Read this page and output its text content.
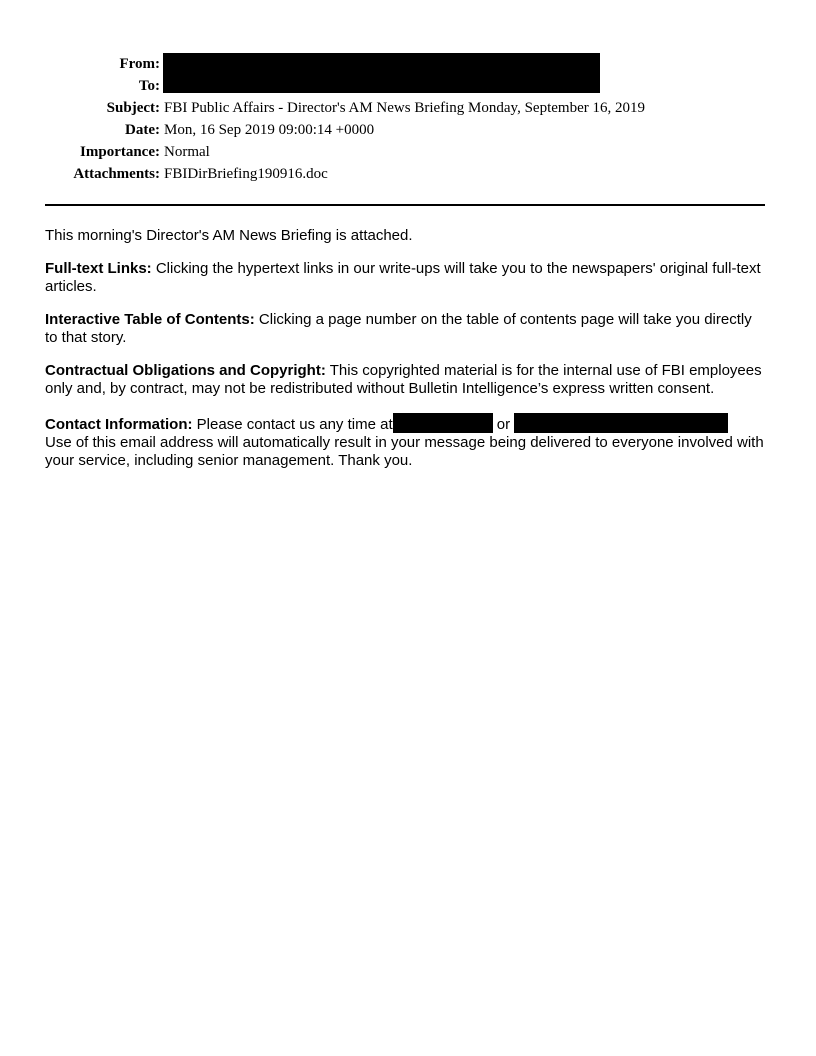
From:
To:
Subject: FBI Public Affairs - Director's AM News Briefing Monday, September 16, 2019
Date: Mon, 16 Sep 2019 09:00:14 +0000
Importance: Normal
Attachments: FBIDirBriefing190916.doc

This morning's Director's AM News Briefing is attached.

Full-text Links: Clicking the hypertext links in our write-ups will take you to the newspapers' original full-text articles.

Interactive Table of Contents: Clicking a page number on the table of contents page will take you directly to that story.

Contractual Obligations and Copyright: This copyrighted material is for the internal use of FBI employees only and, by contract, may not be redistributed without Bulletin Intelligence’s express written consent.

Contact Information: Please contact us any time at	or
Use of this email address will automatically result in your message being delivered to everyone involved with your service, including senior management. Thank you.
